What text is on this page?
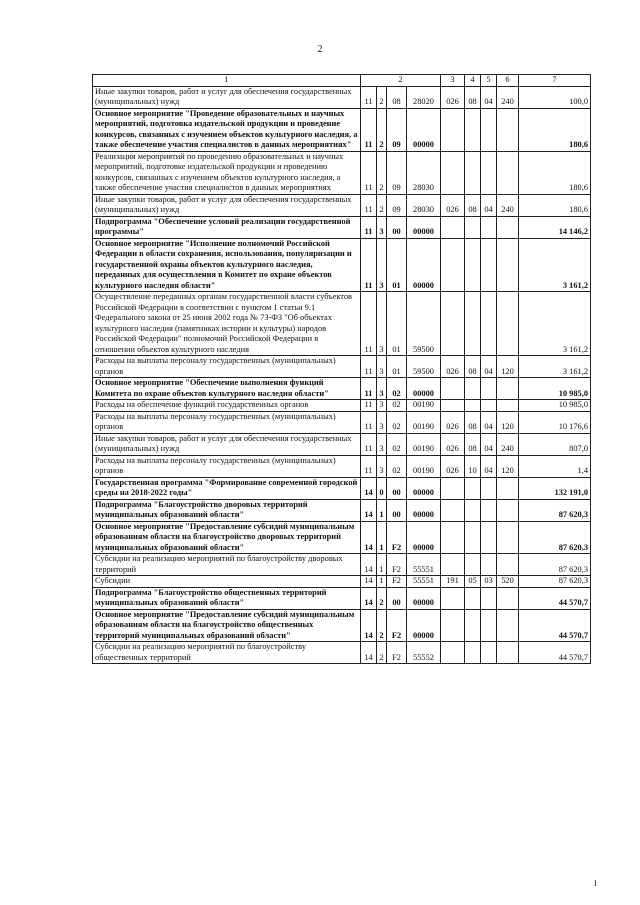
2
1	2				3	4	5	6	7
Иные закупки товаров, работ и услуг для обеспечения государственных (муниципальных) нужд	11	2	08	28020	026	08	04	240	100,0
Основное мероприятие "Проведение образовательных и научных мероприятий, подготовка издательской продукции и проведение конкурсов, связанных с изучением объектов культурного наследия, а также обеспечение участия специалистов в данных мероприятиях"	11	2	09	00000					180,6
Реализация мероприятий по проведению образовательных и научных мероприятий, подготовке издательской продукции и проведению конкурсов, связанных с изучением объектов культурного наследия, а также обеспечение участия специалистов в данных мероприятиях	11	2	09	28030					180,6
Иные закупки товаров, работ и услуг для обеспечения государственных (муниципальных) нужд	11	2	09	28030	026	08	04	240	180,6
Подпрограмма "Обеспечение условий реализации государственной программы"	11	3	00	00000					14 146,2
Основное мероприятие "Исполнение полномочий Российской Федерации в области сохранения, использования, популяризации и государственной охраны объектов культурного наследия, переданных для осуществления в Комитет по охране объектов культурного наследия области"	11	3	01	00000					3 161,2
Осуществление переданных органам государственной власти субъектов Российской Федерации в соответствии с пунктом 1 статьи 9.1 Федерального закона от 25 июня 2002 года № 73-ФЗ "Об объектах культурного наследия (памятниках истории и культуры) народов Российской Федерации" полномочий Российской Федерации в отношении объектов культурного наследия	11	3	01	59500					3 161,2
Расходы на выплаты персоналу государственных (муниципальных) органов	11	3	01	59500	026	08	04	120	3 161,2
Основное мероприятие "Обеспечение выполнения функций Комитета по охране объектов культурного наследия области"	11	3	02	00000					10 985,0
Расходы на обеспечение функций государственных органов	11	3	02	00190					10 985,0
Расходы на выплаты персоналу государственных (муниципальных) органов	11	3	02	00190	026	08	04	120	10 176,6
Иные закупки товаров, работ и услуг для обеспечения государственных (муниципальных) нужд	11	3	02	00190	026	08	04	240	807,0
Расходы на выплаты персоналу государственных (муниципальных) органов	11	3	02	00190	026	10	04	120	1,4
Государственная программа "Формирование современной городской среды на 2018-2022 годы"	14	0	00	00000					132 191,0
Подпрограмма "Благоустройство дворовых территорий муниципальных образований области"	14	1	00	00000					87 620,3
Основное мероприятие "Предоставление субсидий муниципальным образованиям области на благоустройство дворовых территорий муниципальных образований области"	14	1	F2	00000					87 620,3
Субсидии на реализацию мероприятий по благоустройству дворовых территорий	14	1	F2	55551					87 620,3
Субсидии	14	1	F2	55551	191	05	03	520	87 620,3
Подпрограмма "Благоустройство общественных территорий муниципальных образований области"	14	2	00	00000					44 570,7
Основное мероприятие "Предоставление субсидий муниципальным образованиям области на благоустройство общественных территорий муниципальных образований области"	14	2	F2	00000					44 570,7
Субсидии на реализацию мероприятий по благоустройству общественных территорий	14	2	F2	55552					44 570,7
I
